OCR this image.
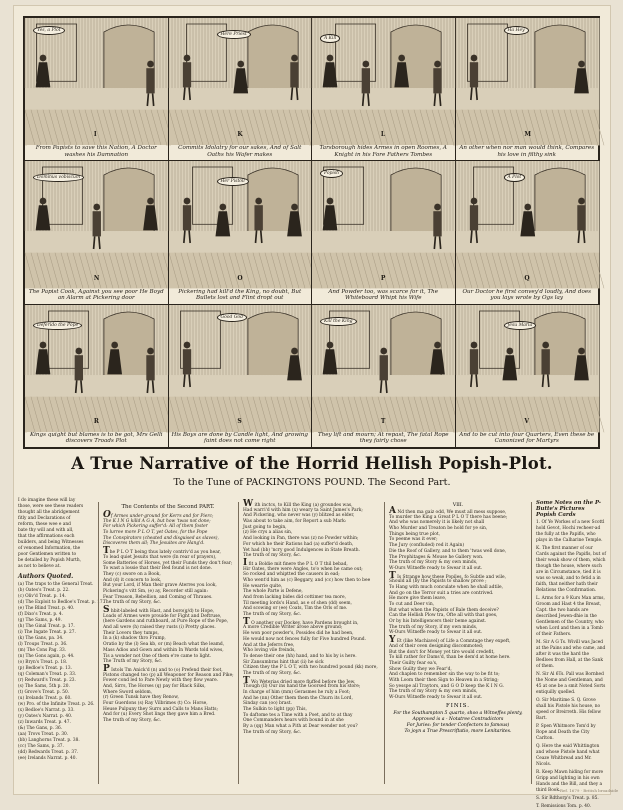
From Papists to save this Nation, A Doctor washes his Damnation
I
Yes, a Plot
Commits Idolatry for our sakes, And of Salt Oaths his Wafer makes
K
Here Priest
Tarsborough hides Armes in open Roomes, A Knight in his Fore Fathers Tombes
L
A Kill
An other when nor man would think, Compares his love in filthy sink
M
Ha Hey
The Papist Cook, Against you see poor He Boyd an Alarm at Pickering door
N
Dominus vobiscum
Pickering had kill'd the King, no doubt, But Bullets lost and Flint dropt out
O
Her Pistoll
And Powder too, was scarce for it, The Whiteboard Whipt his Wife
P
Popish
Our Doctor he first convey'd loudly, And does you lays wrote by Ogs lay
Q
A Plot
Kings quight but blames is to be got, Mrs Gelli discovers Troads Plot
R
Deferido the Pope
His Boys are done by Candle light, And growing faint does not come right
S
Good God
They lift and mourn; At repast, The fatal Rope they fairly chose
T
Kill the King
And to be cut into four Quarters, Even these be Canonized for Martyrs
V
Jesu Maria
A True Narrative of the Horrid Hellish Popish-Plot.
To the Tune of PACKINGTONS POUND. The Second Part.
I do imagine these will lay
those, were see these readers
thought all the abridgement
fitly and Declarations of
reform, these wee e and
bate thy will and with all,
that the affirmations each
builders, and being Witnesses
of venomed Information, the
poor Gentlemen written to
be detailed by Popish Murth,
as not to believe at.
Authors Quoted.
(a) The traps to the General Treat.
(b) Oates's Treat. p. 22.
(c) Oliv'd Treat. p. 14.
(d) The Exploit to Bedloe's Treat. p. 17.
(e) The Blind Treat. p. 40.
(f) Dixo's Treat. p. 4.
(g) The Sams, p. 49.
(h) The Ginal Treat. p. 17.
(i) The Ingate Treat. p. 27.
(k) The Gans, pa. 34.
(l) Troups Treat. p. 36.
(m) The Cons Pag. 33.
(n) The Gons again, p. 44.
(o) Bryn's Treat. p. 18.
(p) Bedloe's Treat. p. 13.
(q) Coleman's Treat. p. 33.
(r) Redward's Treat. p. 23.
(s) The Sams, 5th p. 20.
(t) Grove's Treat. p. 50.
(u) Irelands Treat. p. 60.
(w) Pro. of the Infinite Treat. p. 26.
(x) Bedloe's Narrat. p. 33.
(y) Oates's Narrat. p. 40.
(z) Inwards Treat. p. 47.
(&) The Gans, p. 36.
(aa) Trovs Treat. p. 30.
(bb) Langhorns Treat. p. 38.
(cc) The Sams, p. 37.
(dd) Redwards Treat. p. 37.
(ee) Irelands Narrat. p. 40.
The Contents of the Second PART.

Of Armes under-ground for Kerrs and for Pierc;

The K I N G killd A G A, but how 'twas not done;

For which Pickering suffer'd: All of them foster

To lurree more P L O T, yet Oates, for the Pope

The Conspirators (cheated and disguised as slaves),

Discoveres them all; The Jesuites are Hang'd.

The P L O T being thus lately contriv'd as you hear,

To lead quiet Jesuits that were (In rear of prayers),

Some Batteries of Horses, yet their Funds they don't fear;

To wast a lossie that their Bed found is not done.

They (c) swore on a Book,

And (d) it concern to look,

But your Lord, if Man their grave Aterres you look,

Pickering's vitt Sm, (e) ay, Recorder still again:

Fear Treason, Rebellion, and Coming of Thraues.

The truth of my Story, &c.

S hbit-labeled with Hast, and boro(g/d) to Hope,

Loads of Armes were prouide for Fight and Deftruse,

(here Gardens and ruthboard, at Pure Rope of the Pope,

And all were (h) raised they rusts (i) Pretty glaces.

Their Lovers they tumps,

In a (k) shadow thro Frump,

Oratio by the (l) Sea kb, or (m) Beach what the leamd,

Mass Adios and Gown and within In Wards told wives,

Tis a wonder not One of them e're came to light.

The Truth of my Story, &c.

P Istols Tm Anick'd (n) and to (o) Prefend their foot,

Pistons changed too (p) all Weaponer for Reason and Pike;

Fower cond led to Pare Newly with they flow yeare.

And, Sirrs, The Horses (q) pay for Black Silks,

Where Sword seldom,

(r) Green Tunsk have they Renow,

Four Guerdons (s) Ray Vilbrimes (t) Co: Horse,

Heuse Pulpuny they Surrs and Calls to Mans Hatts;

And for (u) Every Shot lings they gave him a Bred.

The truth of my Story, &c.

W ith inctcs, to Kill the King (a) groundes was,

Had warri'd with him (x) weary ta Saint James's Park;

And Pickering, who never was (y) blitzed as elder,

Was about to take aim, for Report a sub Mark:

Just going to begin,

(z) He crys a alias sin,

And looking in Pan, there was (z) no Powder within;

For which he their Rations had (a) suffer'd death,

Yet had (bb) 'ncry good Indulgences in State Breath.

The truth of my Story, &c.

I fit a Boldie mit finere the P L O T thil bebad,

Hir Oates, there were Angles, to'o when he came out;

So rocked and whiptted the causers in ead;

Who went'd him as (c) Beggary, and (cc) how then to bee

He wearrie quite,

The whole Parte is Defene,

And from lacking bides did cottimer tea more,

Til meeting lords's Hand, as e of shen (dd) seem,

And scowing or (ee) Coats, Tim the Orls of me.

The truth of my Story, &c.

T O another our Dockey, have Pardens brought in,

A more Credible Writer arose above ground;

He won poor powder's, Possides did he had been,

He would now not fences fully for Five hundred Pound.

And at the Jeferrs free,

Who loving vile freinds,

To dense their one (hh) hand, and to his by is here.

Sir Zansumbras hint that (ii) he sick

Citizen they the P L O T, with two hundred pound (kk) more,

The truth of my Story, &c.

T Wo Weterias dried more fluffed before the Jew,

Though (ll) Our ins hand the Goorsed from his store;

In charge of him (mm) Gerasmes he ruly a Foot;

And he (nn) Other them them the Churn its Lord,

Sinday can (oo) brast.

The Sulkin to light (pp) This,

To daftome tes a Time with a Poet, and to at thay

One Commanders hears with bound in at she

By a (qq) Man what a Pith at Dear wender not you?

The truth of my Story, &c.

VIII.

A Nd then ma gaiz odd, We must all mess suppose,

To murder the King a Great P L O T there has beene;

And who was nomerely it is likely not shall

Who Murder and Treaton be hold for ye sin,

Things being true plot,

To peeme was it ever;

The Jury (confluded) red it Again)

Die the Roof of Gallery, and to them 'twas well done,

The Prophitages & Mouse he Gallery won.

The truth of my Story & my own minds,

W-Ours Witneffe ready to Swear it all out.

T Is Strange how these Popiles, fo Subtle and wile,

Should all (by the Papists to shallow prove ;

To Hang with much conculate when he shall adtile,

And go on the Terror suit a tries are contrived.

He more give them leave,

To cut and Deer vin,

But what when the Papists of Bale them deceive?

Can the Hellish Plow tra, Ofte all with that goes,

Or by his Intelligencers their beme against.

The truth of my Story, if my own minds,

W-Ours Witneffe ready to Swear it all out.

Y Et (like Machiavel) of Life a Comntage they expeft,

And of their oven designing discommoted;

But the don't for Money yet tire would credefit,

To kill rather for Dams'd, than be dem'd at home here.

Their Guilty fear ea's,

Show Guilty they we Fear'd,

And chaplen to remember sin the way to be fit to;

With Loom their then Sign to Heaven in a String;

So yesspe all Traytors, and G O D keep the K I N G.

The truth of my Story & my own minds,

W-Ours Witneffe ready to Swear it all out.

FINIS.
For the Southampton 5 quarto, shoo a Witneffes plenty,
Approved is a - Notatree Contradictors
For Juries: for tender Confectors to famous)
To joyn a True Prescriftatio, more Lenitarites.
Some Notes on the P-Butte's Pictures Popish Cards

1. Of Ye Workes of a new Scottl hold Gevot, Hochi recheer-ad the fully at the Papifls, who plays in the Calharine Temple.

K. The first manner of our Cards against the Papifls, but of their weak show of them, which though the house, where such are in Circumstance, tied it is was so weak, and to fetid a in faith, that neither hath their Relations the Confirmation.

L. Arms for a 9 Kurs Man arms, Groom and Hast 4 the Breast, Capt. the two hands are described Jewen-dhie in the Gentlemen of the Country, who when Lord and then in a Tomb of their Fathers.

M. Sir A G Ts. Wivill was Jaced at the Pains and who came, and after it was the hard the Bedloes from Hall, at the Sank of them.

N. Sir Al 6Ts. Pall was Bornhed the Nome and Gentleman, and 45 at one be a smit Noted Sorts entiquilly quelled.

O. Sir Maritime S. Q. Grove shall his Pistole his house, no speed or Breirreth. His fellow Bart.

P. Spen Whitmore Tom'd by Rope and Death the City Carlton.

Q. Here the eaid Whittington and whose Pistole hand what Ceaze Whitbread and Mr. Nicols.

R. Keep Mawn hiding for more Gripp and lighting in his own Hands and the Bill, and they a third Book.

S. Sir Rdthorp's Treat. p. 85.

T. Remissions Tom. p. 40.

Ref. 1679 · British broadside
